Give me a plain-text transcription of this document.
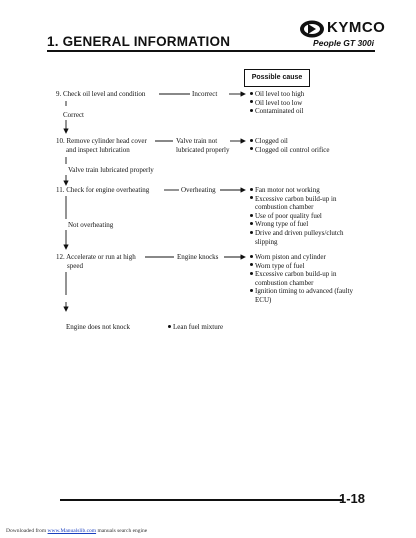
KYMCO
1. GENERAL INFORMATION	People GT 300i
Possible cause
9. Check oil level and condition	Incorrect	Oil level too high
Oil level too low
Contaminated oil
Correct
10. Remove cylinder head cover
and inspect lubrication
Valve train not
lubricated properly
Clogged oil
Clogged oil control orifice
Valve train lubricated properly
11. Check for engine overheating	Overheating	Fan motor not working
Excessive carbon build-up in
combustion chamber
Use of poor quality fuel
Wrong type of fuel
Drive and driven pulleys/clutch
slipping
Not overheating
12. Accelerate or run at high
speed
Engine knocks	Worn piston and cylinder
Worn type of fuel
Excessive carbon build-up in
combustion chamber
Ignition timing to advanced (faulty
ECU)
Engine does not knock	Lean fuel mixture
1-18
Downloaded from www.Manualslib.com manuals search engine
